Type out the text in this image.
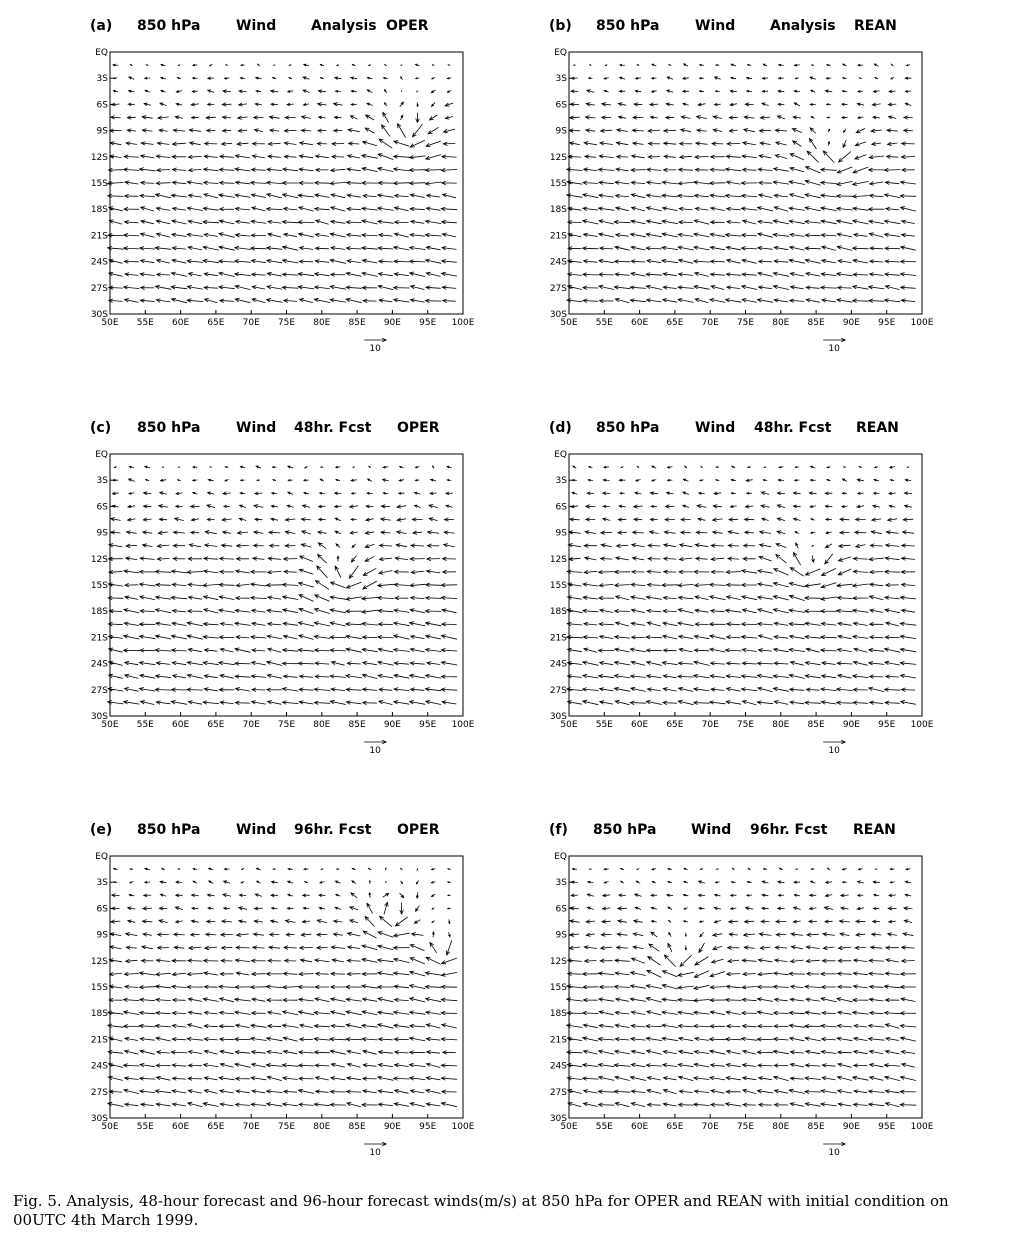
(a) 850 hPa	Wind Analysis OPER
50E 55E 60E 65E 70E 75E 80E 85E 90E 95E 100E
EQ
3S
6S
9S
12S
15S
18S
21S
24S
27S
30S
10
(b) 850 hPa	Wind Analysis REAN
50E 55E 60E 65E 70E 75E 80E 85E 90E 95E 100E
EQ
3S
6S
9S
12S
15S
18S
21S
24S
27S
30S
10
(c) 850 hPa	Wind 48hr. Fcst OPER
50E 55E 60E 65E 70E 75E 80E 85E 90E 95E 100E
EQ
3S
6S
9S
12S
15S
18S
21S
24S
27S
30S
10
(d) 850 hPa	Wind 48hr. Fcst REAN
50E 55E 60E 65E 70E 75E 80E 85E 90E 95E 100E
EQ
3S
6S
9S
12S
15S
18S
21S
24S
27S
30S
10
(e) 850 hPa	Wind 96hr. Fcst OPER
50E 55E 60E 65E 70E 75E 80E 85E 90E 95E 100E
EQ
3S
6S
9S
12S
15S
18S
21S
24S
27S
30S
10
(f) 850 hPa Wind 96hr. Fcst REAN
50E 55E 60E 65E 70E 75E 80E 85E 90E 95E 100E
EQ
3S
6S
9S
12S
15S
18S
21S
24S
27S
30S
10
Fig. 5. Analysis, 48-hour forecast and 96-hour forecast winds(m/s) at 850 hPa for OPER and REAN with initial condition on 00UTC 4th March 1999.
